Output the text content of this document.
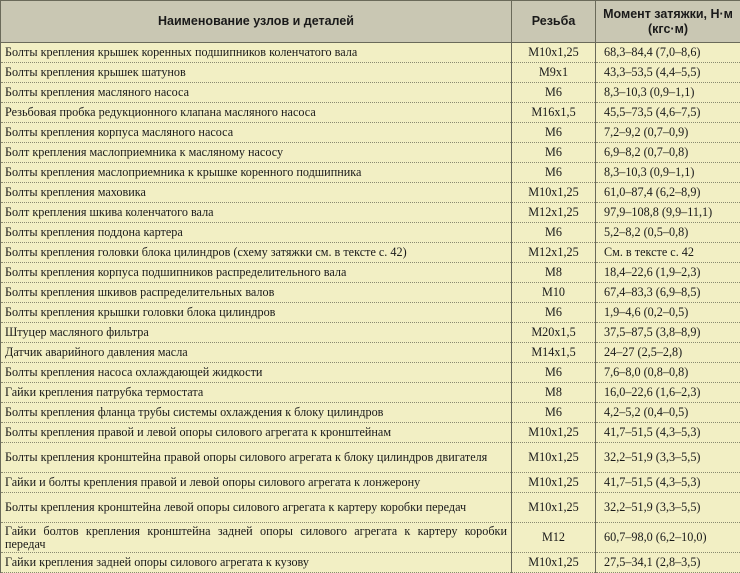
Наименование узлов и деталей	Резьба	Момент затяжки, Н·м
(кгс·м)
Болты крепления крышек коренных подшипников коленчатого вала	M10x1,25	68,3–84,4 (7,0–8,6)
Болты крепления крышек шатунов	M9x1	43,3–53,5 (4,4–5,5)
Болты крепления масляного насоса	M6	8,3–10,3 (0,9–1,1)
Резьбовая пробка редукционного клапана масляного насоса	M16x1,5	45,5–73,5 (4,6–7,5)
Болты крепления корпуса масляного насоса	M6	7,2–9,2 (0,7–0,9)
Болт крепления маслоприемника к масляному насосу	M6	6,9–8,2 (0,7–0,8)
Болты крепления маслоприемника к крышке коренного подшипника	M6	8,3–10,3 (0,9–1,1)
Болты крепления маховика	M10x1,25	61,0–87,4 (6,2–8,9)
Болт крепления шкива коленчатого вала	M12x1,25	97,9–108,8 (9,9–11,1)
Болты крепления поддона картера	M6	5,2–8,2 (0,5–0,8)
Болты крепления головки блока цилиндров (схему затяжки см. в тексте с. 42)	M12x1,25	См. в тексте с. 42
Болты крепления корпуса подшипников распределительного вала	M8	18,4–22,6 (1,9–2,3)
Болты крепления шкивов распределительных валов	M10	67,4–83,3 (6,9–8,5)
Болты крепления крышки головки блока цилиндров	M6	1,9–4,6 (0,2–0,5)
Штуцер масляного фильтра	M20x1,5	37,5–87,5 (3,8–8,9)
Датчик аварийного давления масла	M14x1,5	24–27 (2,5–2,8)
Болты крепления насоса охлаждающей жидкости	M6	7,6–8,0 (0,8–0,8)
Гайки крепления патрубка термостата	M8	16,0–22,6 (1,6–2,3)
Болты крепления фланца трубы системы охлаждения к блоку цилиндров	M6	4,2–5,2 (0,4–0,5)
Болты крепления правой и левой опоры силового агрегата к кронштейнам	M10x1,25	41,7–51,5 (4,3–5,3)
Болты крепления кронштейна правой опоры силового агрегата к блоку цилиндров двигателя	M10x1,25	32,2–51,9 (3,3–5,5)
Гайки и болты крепления правой и левой опоры силового агрегата к лонжерону	M10x1,25	41,7–51,5 (4,3–5,3)
Болты крепления кронштейна левой опоры силового агрегата к картеру коробки передач	M10x1,25	32,2–51,9 (3,3–5,5)
Гайки болтов крепления кронштейна задней опоры силового агрегата к картеру коробки передач	M12	60,7–98,0 (6,2–10,0)
Гайки крепления задней опоры силового агрегата к кузову	M10x1,25	27,5–34,1 (2,8–3,5)
